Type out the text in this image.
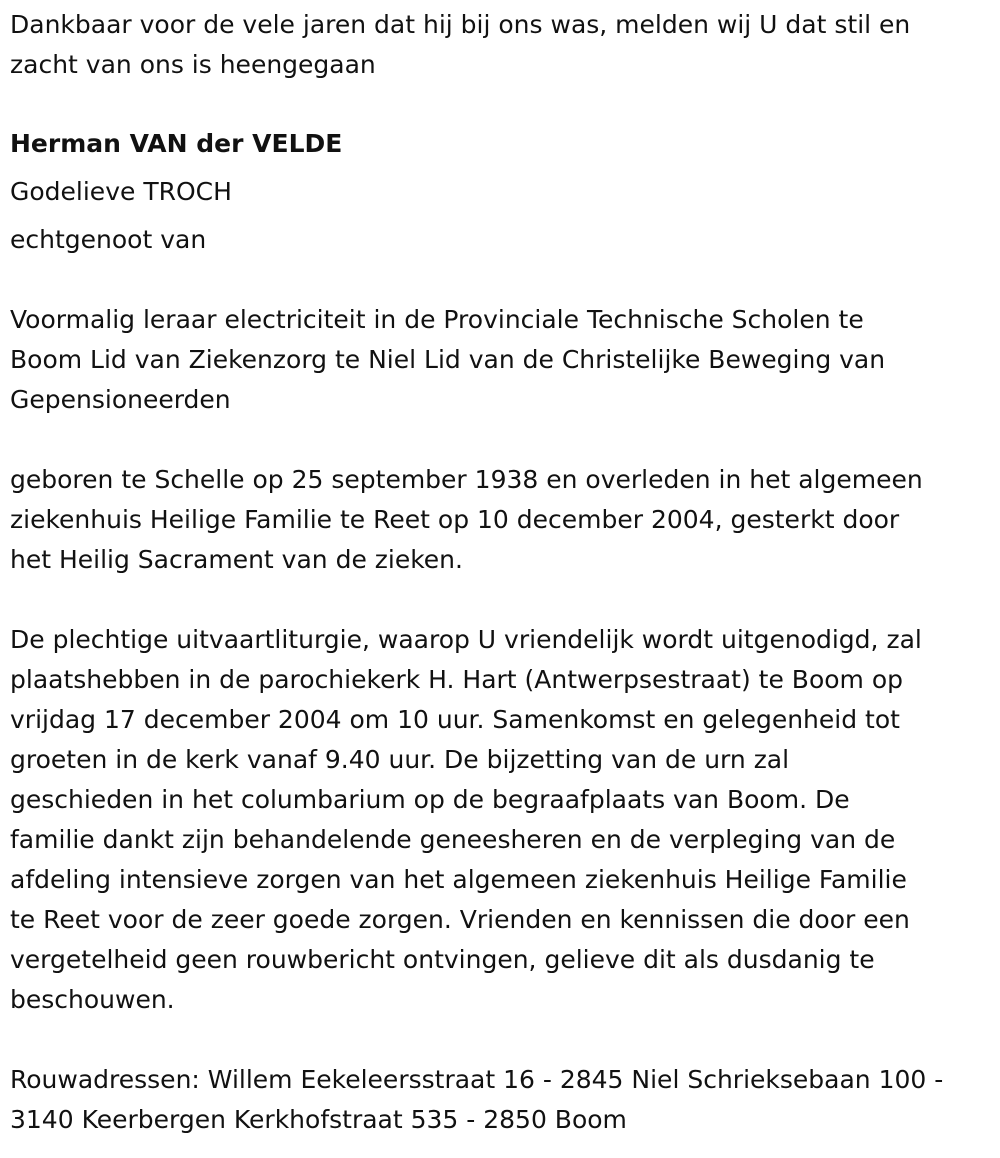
Dankbaar voor de vele jaren dat hij bij ons was, melden wij U dat stil en
zacht van ons is heengegaan

Herman VAN der VELDE

Godelieve TROCH

echtgenoot van

Voormalig leraar electriciteit in de Provinciale Technische Scholen te
Boom Lid van Ziekenzorg te Niel Lid van de Christelijke Beweging van
Gepensioneerden

geboren te Schelle op 25 september 1938 en overleden in het algemeen
ziekenhuis Heilige Familie te Reet op 10 december 2004, gesterkt door
het Heilig Sacrament van de zieken.

De plechtige uitvaartliturgie, waarop U vriendelijk wordt uitgenodigd, zal
plaatshebben in de parochiekerk H. Hart (Antwerpsestraat) te Boom op
vrijdag 17 december 2004 om 10 uur. Samenkomst en gelegenheid tot
groeten in de kerk vanaf 9.40 uur. De bijzetting van de urn zal
geschieden in het columbarium op de begraafplaats van Boom. De
familie dankt zijn behandelende geneesheren en de verpleging van de
afdeling intensieve zorgen van het algemeen ziekenhuis Heilige Familie
te Reet voor de zeer goede zorgen. Vrienden en kennissen die door een
vergetelheid geen rouwbericht ontvingen, gelieve dit als dusdanig te
beschouwen.

Rouwadressen: Willem Eekeleersstraat 16 - 2845 Niel Schrieksebaan 100 -
3140 Keerbergen Kerkhofstraat 535 - 2850 Boom
